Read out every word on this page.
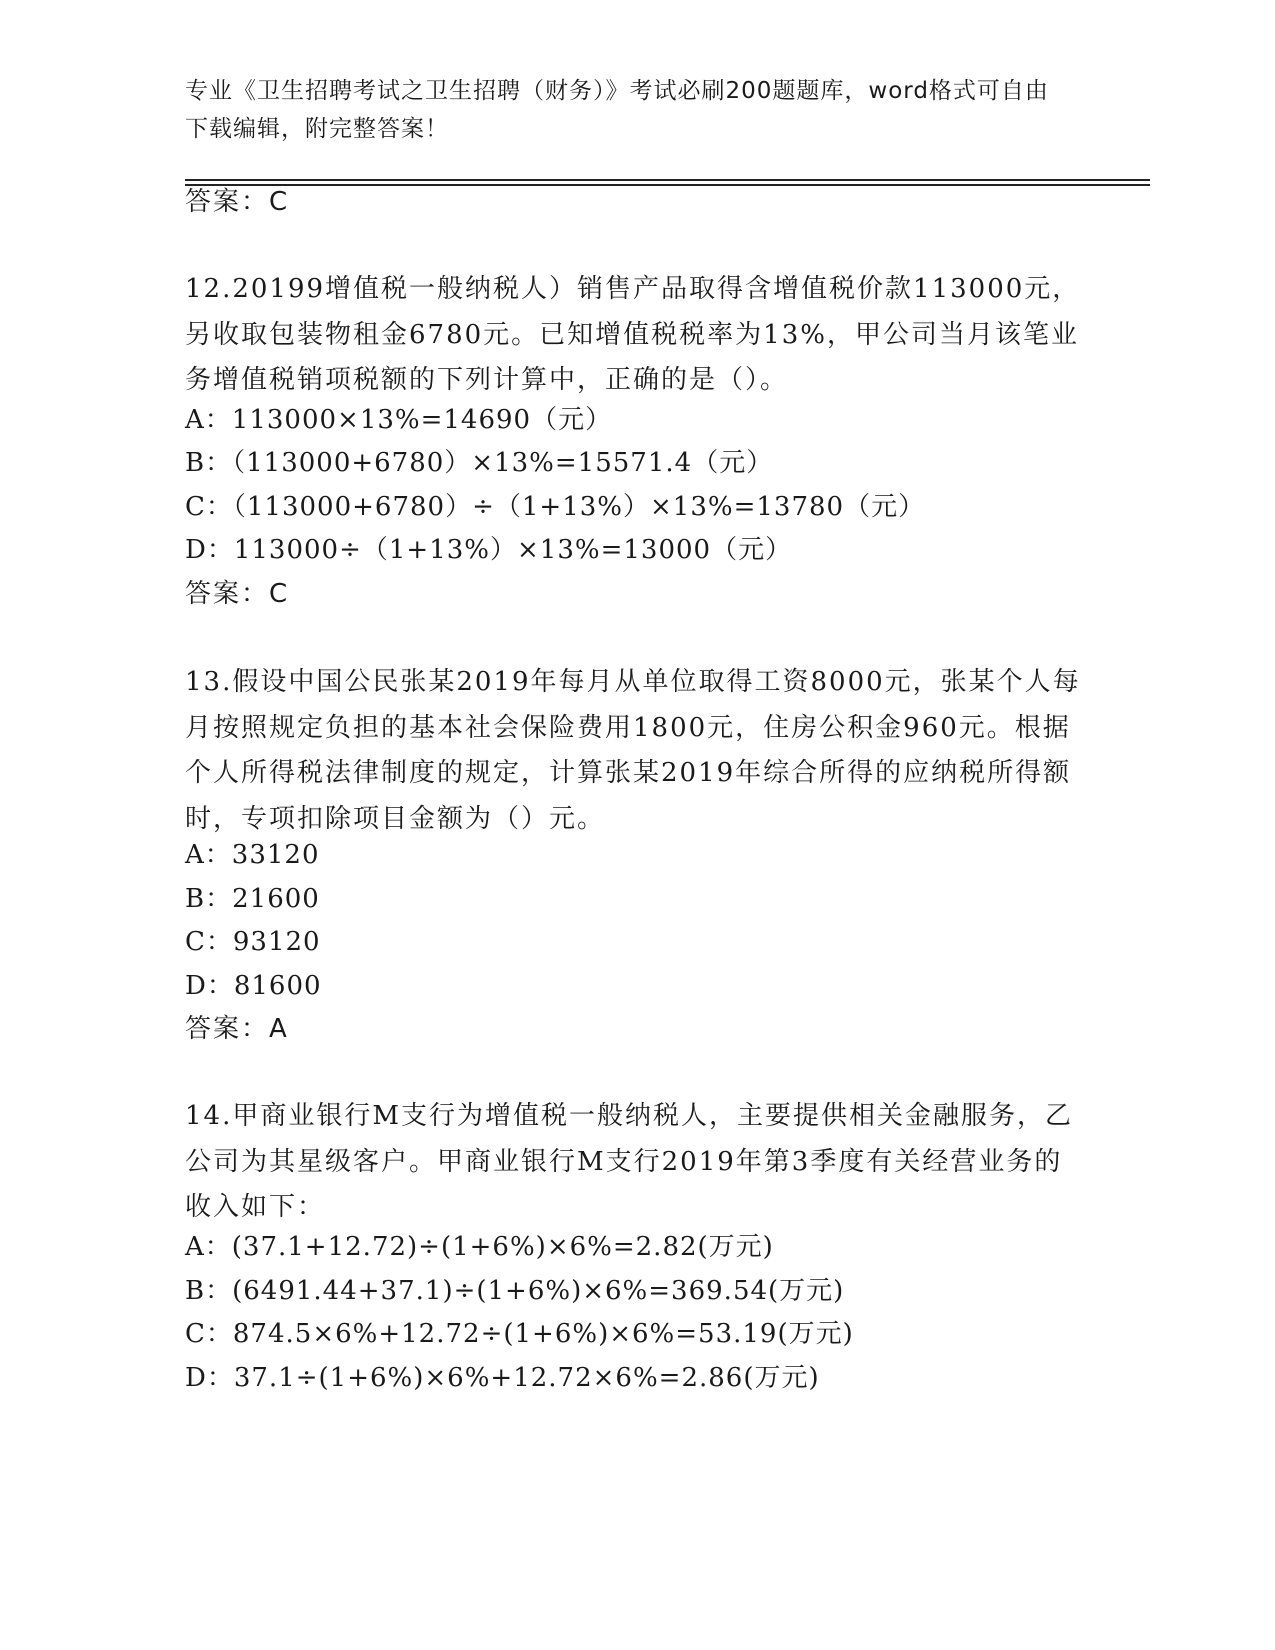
专业《卫生招聘考试之卫生招聘（财务）》考试必刷200题题库，word格式可自由下载编辑，附完整答案！
答案：C
12.20199增值税一般纳税人）销售产品取得含增值税价款113000元，另收取包装物租金6780元。已知增值税税率为13%，甲公司当月该笔业务增值税销项税额的下列计算中，正确的是（）。
A：113000×13%=14690（元）
B：（113000+6780）×13%=15571.4（元）
C：（113000+6780）÷（1+13%）×13%=13780（元）
D：113000÷（1+13%）×13%=13000（元）
答案：C
13.假设中国公民张某2019年每月从单位取得工资8000元，张某个人每月按照规定负担的基本社会保险费用1800元，住房公积金960元。根据个人所得税法律制度的规定，计算张某2019年综合所得的应纳税所得额时，专项扣除项目金额为（）元。
A：33120
B：21600
C：93120
D：81600
答案：A
14.甲商业银行M支行为增值税一般纳税人，主要提供相关金融服务，乙公司为其星级客户。甲商业银行M支行2019年第3季度有关经营业务的收入如下：
A：(37.1+12.72)÷(1+6%)×6%=2.82(万元)
B：(6491.44+37.1)÷(1+6%)×6%=369.54(万元)
C：874.5×6%+12.72÷(1+6%)×6%=53.19(万元)
D：37.1÷(1+6%)×6%+12.72×6%=2.86(万元)
